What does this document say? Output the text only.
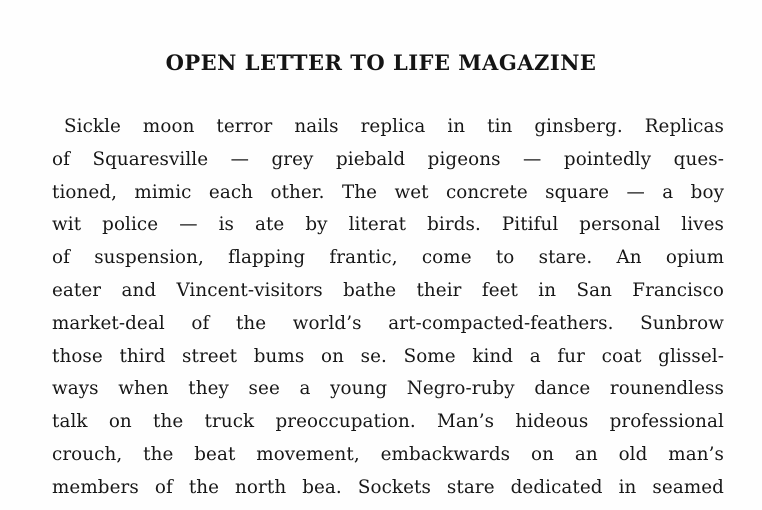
OPEN LETTER TO LIFE MAGAZINE
Sickle moon terror nails replica in tin ginsberg. Replicas
of Squaresville — grey piebald pigeons — pointedly ques-
tioned, mimic each other. The wet concrete square — a boy
wit police — is ate by literat birds. Pitiful personal lives
of suspension, flapping frantic, come to stare. An opium
eater and Vincent-visitors bathe their feet in San Francisco
market-deal of the world’s art-compacted-feathers. Sunbrow
those third street bums on se. Some kind a fur coat glissel-
ways when they see a young Negro-ruby dance rounendless
talk on the truck preoccupation. Man’s hideous professional
crouch, the beat movement, embackwards on an old man’s
members of the north bea. Sockets stare dedicated in seamed
